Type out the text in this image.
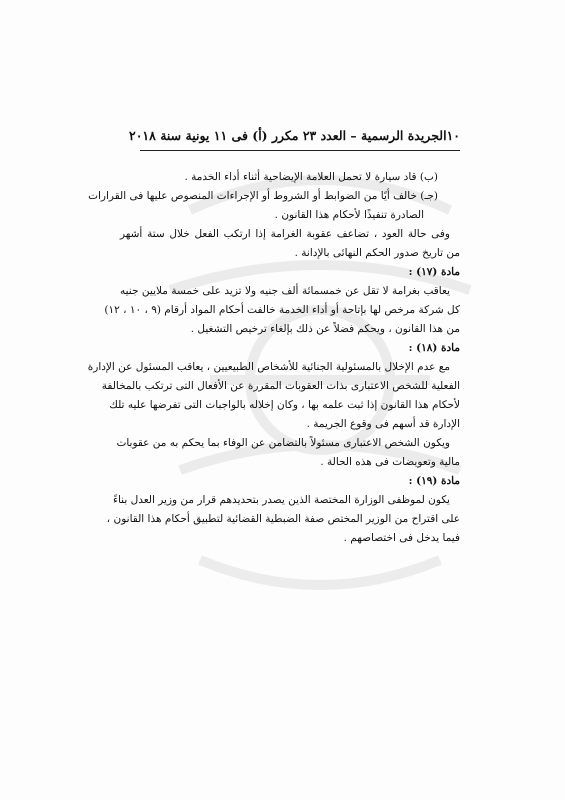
١٠
الجريدة الرسمية – العدد ٢٣ مكرر (أ) فى ١١ يونية سنة ٢٠١٨
(ب) قاد سيارة لا تحمل العلامة الإيضاحية أثناء أداء الخدمة .
(جـ) خالف أيًا من الضوابط أو الشروط أو الإجراءات المنصوص عليها فى القرارات
الصادرة تنفيذًا لأحكام هذا القانون .
وفى حالة العود ، تضاعف عقوبة الغرامة إذا ارتكب الفعل خلال ستة أشهر
من تاريخ صدور الحكم النهائى بالإدانة .
مادة (١٧) :
يعاقب بغرامة لا تقل عن خمسمائة ألف جنيه ولا تزيد على خمسة ملايين جنيه
كل شركة مرخص لها بإتاحة أو أداء الخدمة خالفت أحكام المواد أرقام (٩ ، ١٠ ، ١٢)
من هذا القانون ، ويحكم فضلاً عن ذلك بإلغاء ترخيص التشغيل .
مادة (١٨) :
مع عدم الإخلال بالمسئولية الجنائية للأشخاص الطبيعيين ، يعاقب المسئول عن الإدارة
الفعلية للشخص الاعتبارى بذات العقوبات المقررة عن الأفعال التى ترتكب بالمخالفة
لأحكام هذا القانون إذا ثبت علمه بها ، وكان إخلاله بالواجبات التى تفرضها عليه تلك
الإدارة قد أسهم فى وقوع الجريمة .
ويكون الشخص الاعتبارى مسئولاً بالتضامن عن الوفاء بما يحكم به من عقوبات
مالية وتعويضات فى هذه الحالة .
مادة (١٩) :
يكون لموظفى الوزارة المختصة الذين يصدر بتحديدهم قرار من وزير العدل بناءً
على اقتراح من الوزير المختص صفة الضبطية القضائية لتطبيق أحكام هذا القانون ،
فيما يدخل فى اختصاصهم .
